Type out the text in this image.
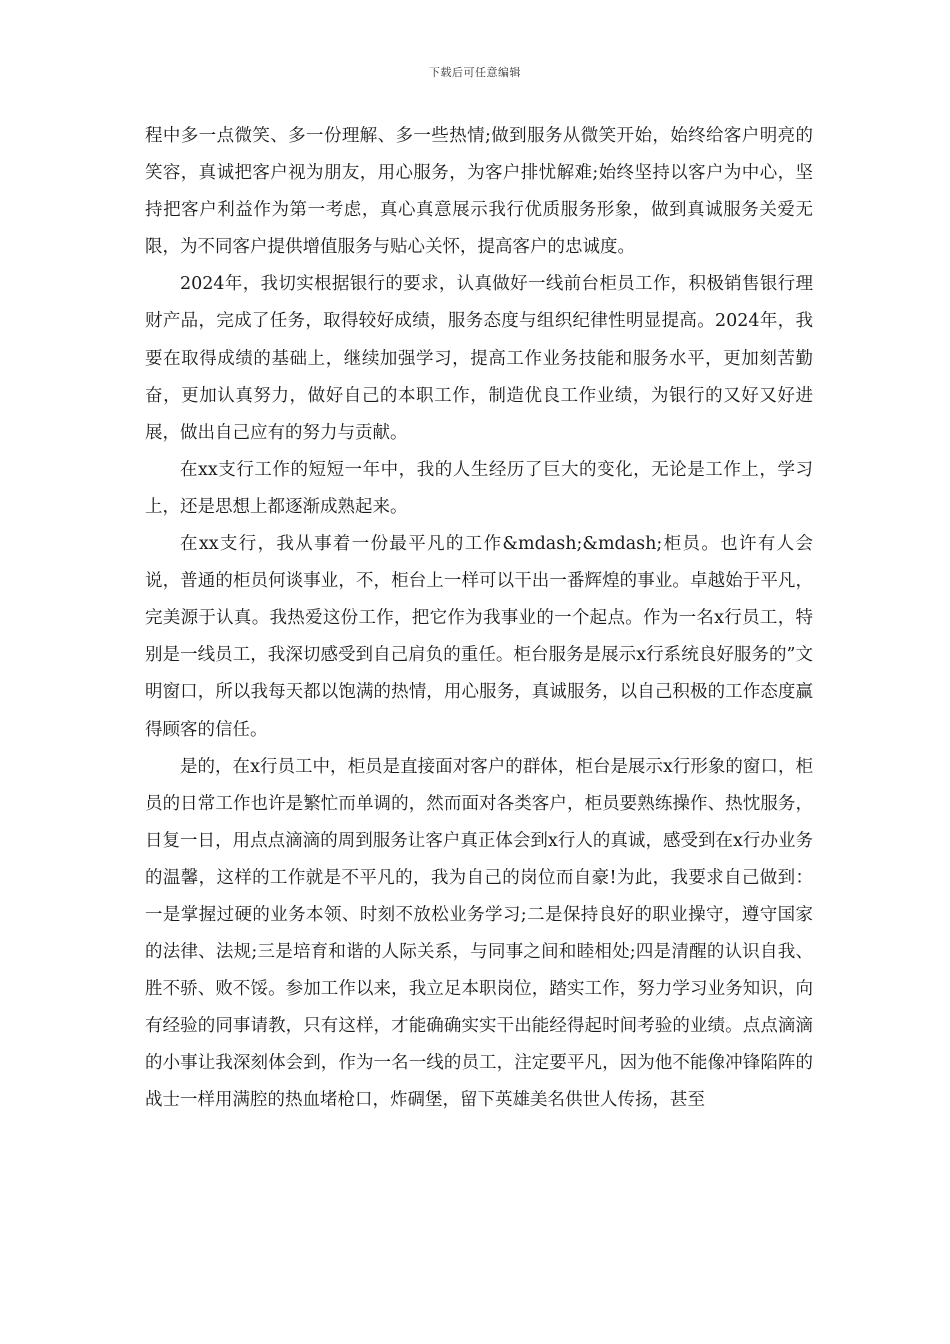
下载后可任意编辑

程中多一点微笑、多一份理解、多一些热情;做到服务从微笑开始，始终给客户明亮的笑容，真诚把客户视为朋友，用心服务，为客户排忧解难;始终坚持以客户为中心，坚持把客户利益作为第一考虑，真心真意展示我行优质服务形象，做到真诚服务关爱无限，为不同客户提供增值服务与贴心关怀，提高客户的忠诚度。

2024年，我切实根据银行的要求，认真做好一线前台柜员工作，积极销售银行理财产品，完成了任务，取得较好成绩，服务态度与组织纪律性明显提高。2024年，我要在取得成绩的基础上，继续加强学习，提高工作业务技能和服务水平，更加刻苦勤奋，更加认真努力，做好自己的本职工作，制造优良工作业绩，为银行的又好又好进展，做出自己应有的努力与贡献。

在xx支行工作的短短一年中，我的人生经历了巨大的变化，无论是工作上，学习上，还是思想上都逐渐成熟起来。

在xx支行，我从事着一份最平凡的工作&mdash;&mdash;柜员。也许有人会说，普通的柜员何谈事业，不，柜台上一样可以干出一番辉煌的事业。卓越始于平凡，完美源于认真。我热爱这份工作，把它作为我事业的一个起点。作为一名x行员工，特别是一线员工，我深切感受到自己肩负的重任。柜台服务是展示x行系统良好服务的”文明窗口，所以我每天都以饱满的热情，用心服务，真诚服务，以自己积极的工作态度赢得顾客的信任。

是的，在x行员工中，柜员是直接面对客户的群体，柜台是展示x行形象的窗口，柜员的日常工作也许是繁忙而单调的，然而面对各类客户，柜员要熟练操作、热忱服务，日复一日，用点点滴滴的周到服务让客户真正体会到x行人的真诚，感受到在x行办业务的温馨，这样的工作就是不平凡的，我为自己的岗位而自豪!为此，我要求自己做到：一是掌握过硬的业务本领、时刻不放松业务学习;二是保持良好的职业操守，遵守国家的法律、法规;三是培育和谐的人际关系，与同事之间和睦相处;四是清醒的认识自我、胜不骄、败不馁。参加工作以来，我立足本职岗位，踏实工作，努力学习业务知识，向有经验的同事请教，只有这样，才能确确实实干出能经得起时间考验的业绩。点点滴滴的小事让我深刻体会到，作为一名一线的员工，注定要平凡，因为他不能像冲锋陷阵的战士一样用满腔的热血堵枪口，炸碉堡，留下英雄美名供世人传扬，甚至
